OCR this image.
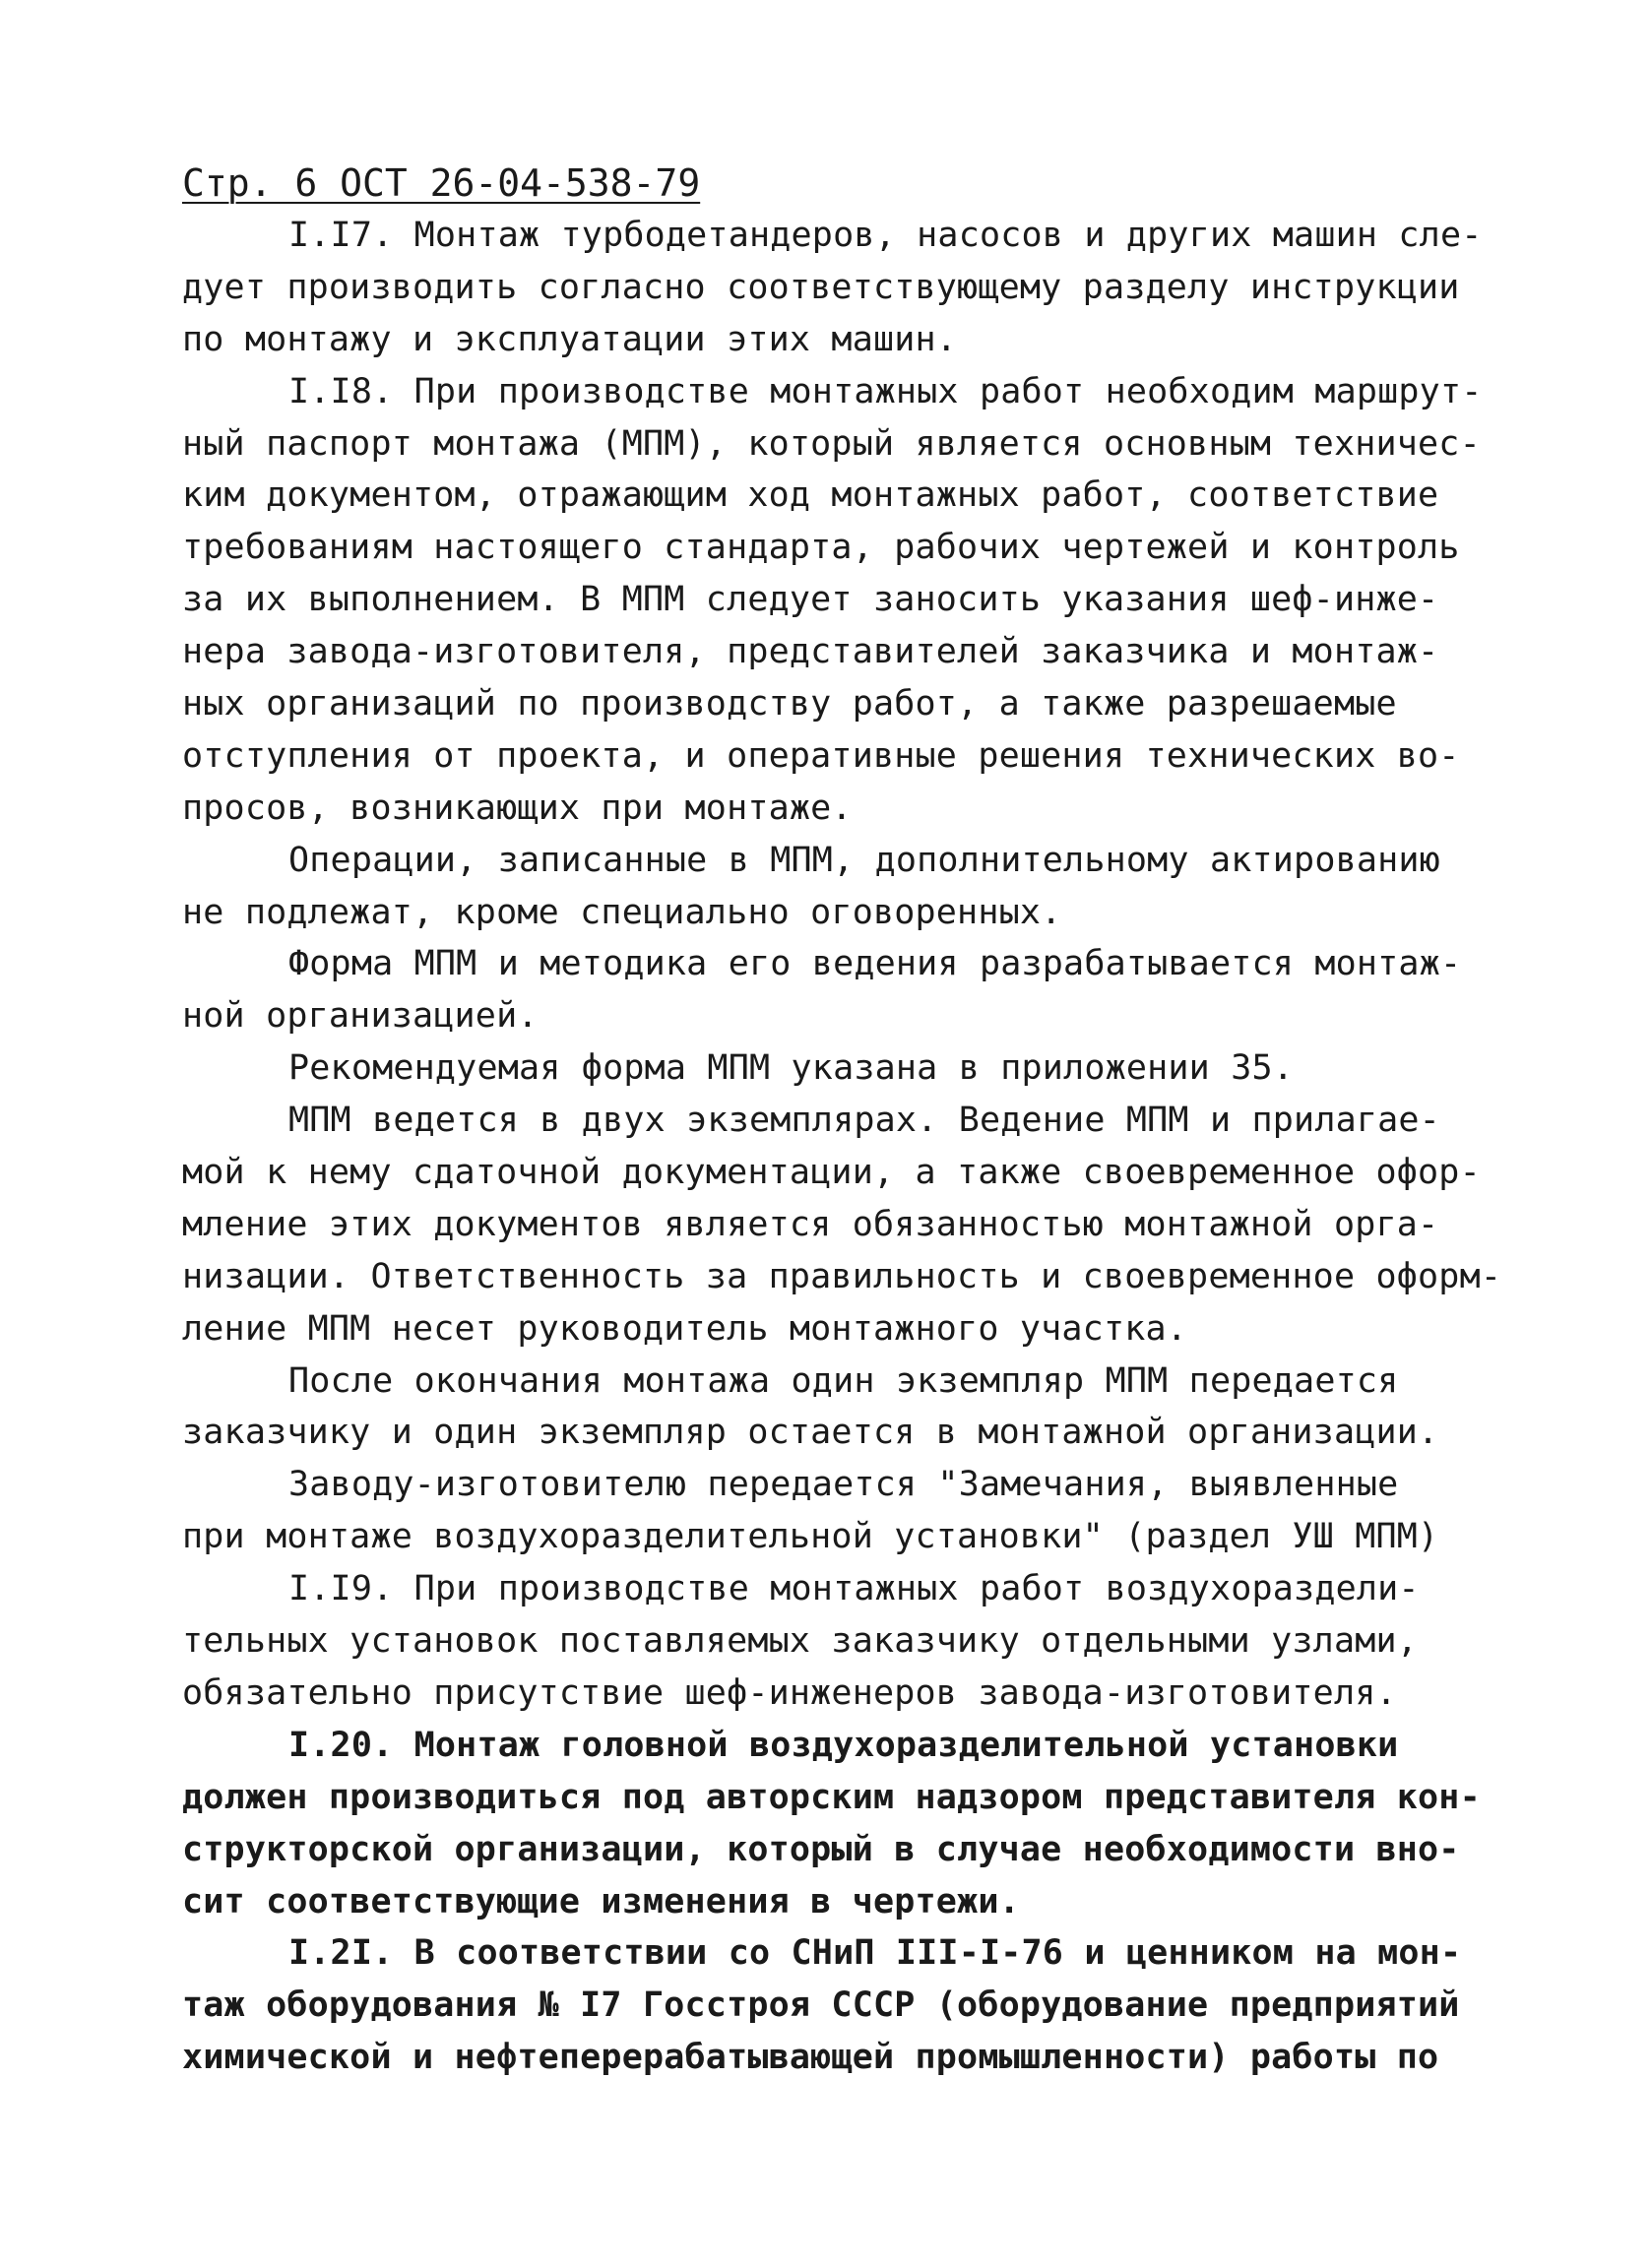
Стр. 6 ОСТ 26-04-538-79
I.I7. Монтаж турбодетандеров, насосов и других машин сле-
дует производить согласно соответствующему разделу инструкции
по монтажу и эксплуатации этих машин.
I.I8. При производстве монтажных работ необходим маршрут-
ный паспорт монтажа (МПМ), который является основным техничес-
ким документом, отражающим ход монтажных работ, соответствие
требованиям настоящего стандарта, рабочих чертежей и контроль
за их выполнением. В МПМ следует заносить указания шеф-инже-
нера завода-изготовителя, представителей заказчика и монтаж-
ных организаций по производству работ, а также разрешаемые
отступления от проекта, и оперативные решения технических во-
просов, возникающих при монтаже.
Операции, записанные в МПМ, дополнительному актированию
не подлежат, кроме специально оговоренных.
Форма МПМ и методика его ведения разрабатывается монтаж-
ной организацией.
Рекомендуемая форма МПМ указана в приложении 35.
МПМ ведется в двух экземплярах. Ведение МПМ и прилагае-
мой к нему сдаточной документации, а также своевременное офор-
мление этих документов является обязанностью монтажной орга-
низации. Ответственность за правильность и своевременное оформ-
ление МПМ несет руководитель монтажного участка.
После окончания монтажа один экземпляр МПМ передается
заказчику и один экземпляр остается в монтажной организации.
Заводу-изготовителю передается "Замечания, выявленные
при монтаже воздухоразделительной установки" (раздел УШ МПМ)
I.I9. При производстве монтажных работ воздухораздели-
тельных установок поставляемых заказчику отдельными узлами,
обязательно присутствие шеф-инженеров завода-изготовителя.
I.20. Монтаж головной воздухоразделительной установки
должен производиться под авторским надзором представителя кон-
структорской организации, который в случае необходимости вно-
сит соответствующие изменения в чертежи.
I.2I. В соответствии со СНиП III-I-76 и ценником на мон-
таж оборудования № I7 Госстроя СССР (оборудование предприятий
химической и нефтеперерабатывающей промышленности) работы по
